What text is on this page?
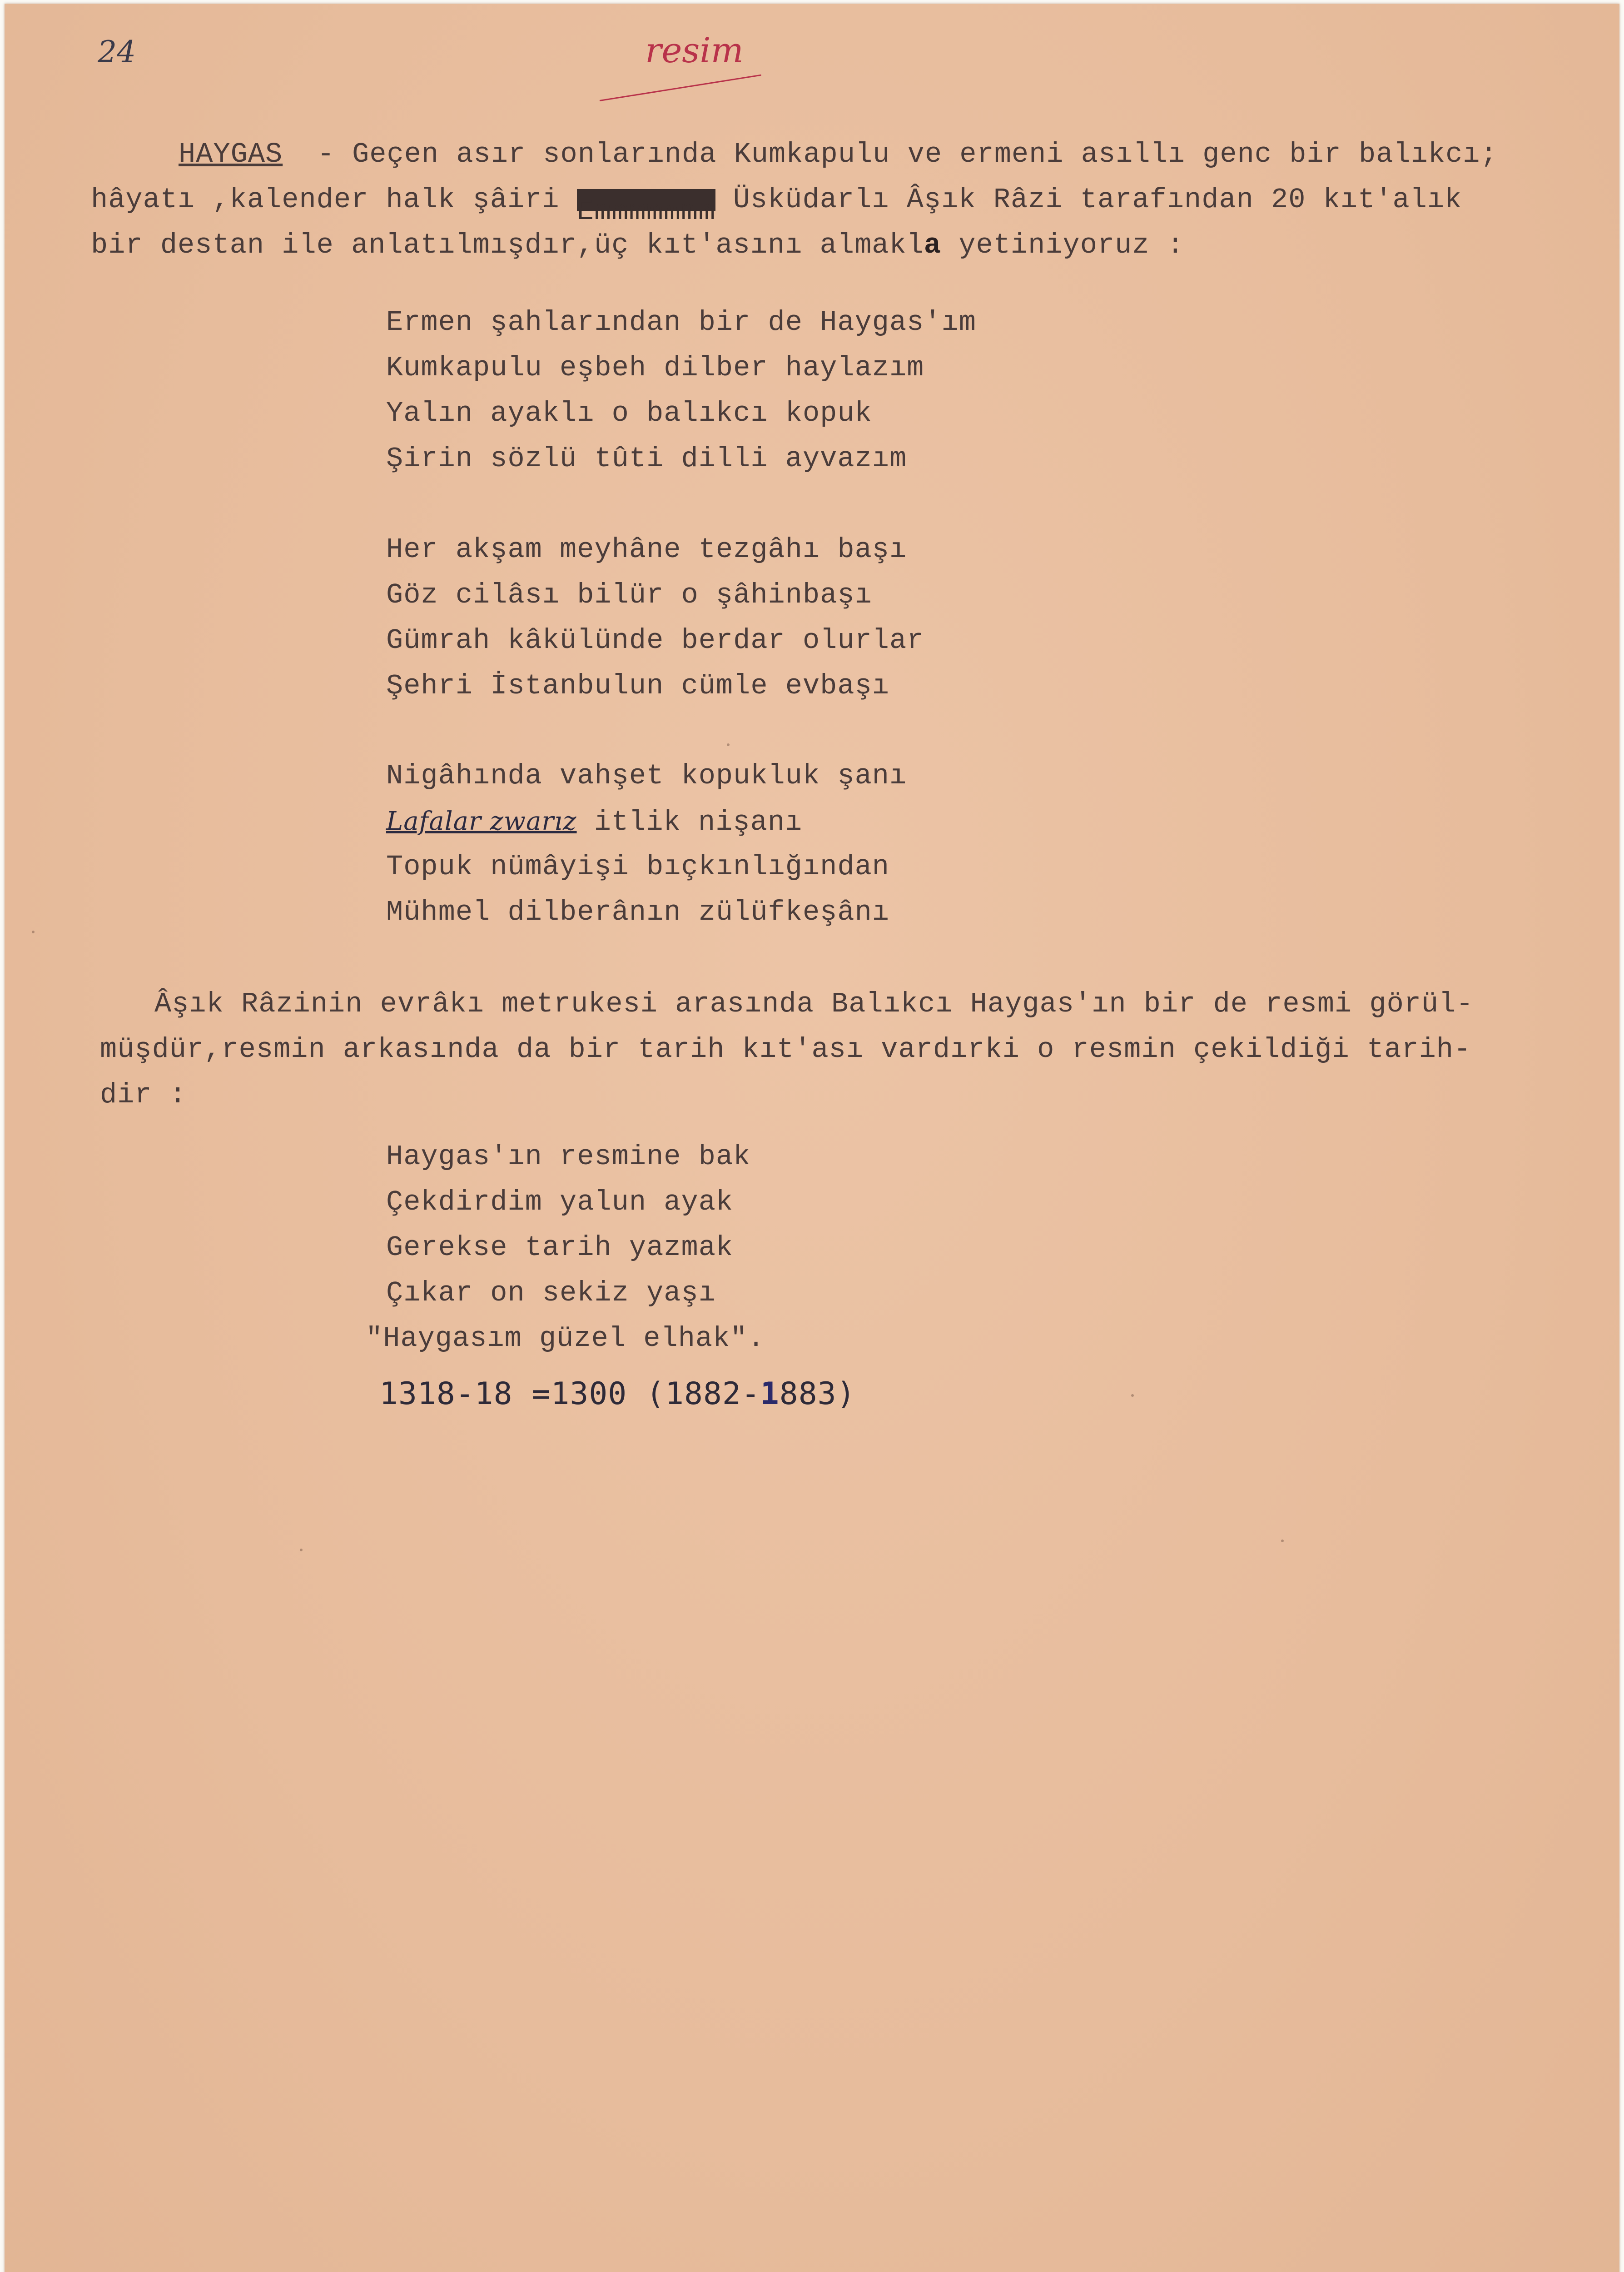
24	resim
HAYGAS - Geçen asır sonlarında Kumkapulu ve ermeni asıllı genc bir balıkcı;
hâyatı ,kalender halk şâiri Emmmmmmm Üsküdarlı Âşık Râzi tarafından 20 kıt'alık
bir destan ile anlatılmışdır,üç kıt'asını almakla yetiniyoruz :
Ermen şahlarından bir de Haygas'ım
Kumkapulu eşbeh dilber haylazım
Yalın ayaklı o balıkcı kopuk
Şirin sözlü tûti dilli ayvazım
Her akşam meyhâne tezgâhı başı
Göz cilâsı bilür o şâhinbaşı
Gümrah kâkülünde berdar olurlar
Şehri İstanbulun cümle evbaşı
Nigâhında vahşet kopukluk şanı
Lafalar zwarız itlik nişanı
Topuk nümâyişi bıçkınlığından
Mühmel dilberânın zülüfkeşânı
Âşık Râzinin evrâkı metrukesi arasında Balıkcı Haygas'ın bir de resmi görül-
müşdür,resmin arkasında da bir tarih kıt'ası vardırki o resmin çekildiği tarih-
dir :
Haygas'ın resmine bak
Çekdirdim yalun ayak
Gerekse tarih yazmak
Çıkar on sekiz yaşı
"Haygasım güzel elhak".
1318-18 =1300 (1882-1883)
